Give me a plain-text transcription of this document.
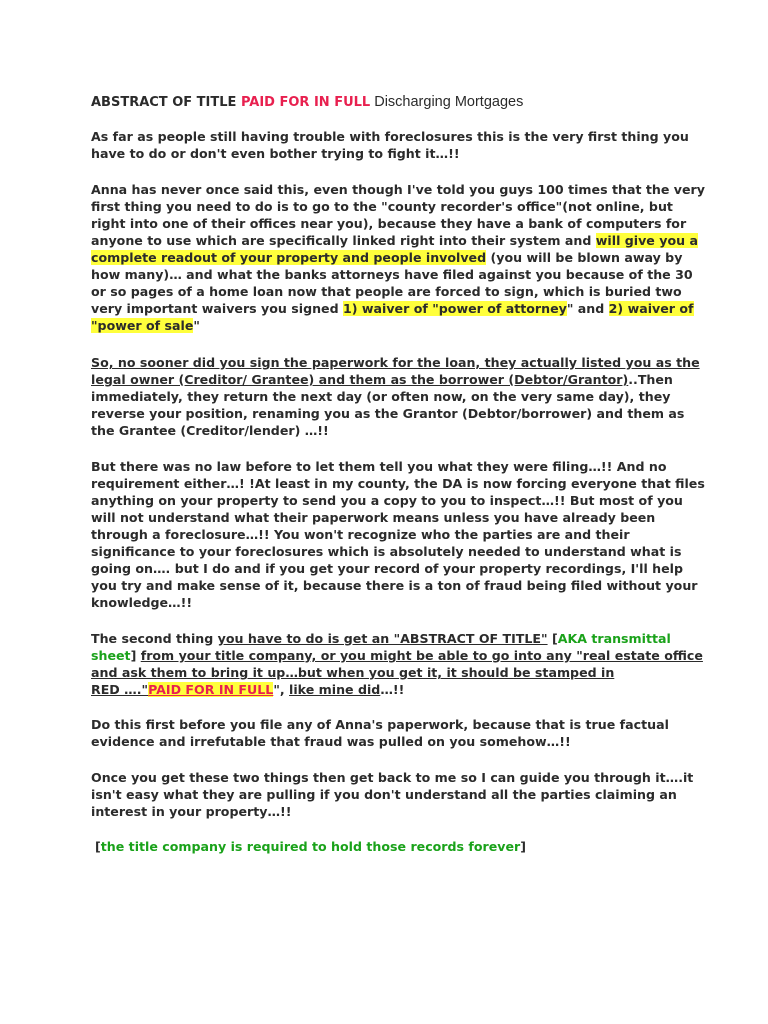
ABSTRACT OF TITLE PAID FOR IN FULL Discharging Mortgages
As far as people still having trouble with foreclosures this is the very first thing you
have to do or don't even bother trying to fight it…!!
Anna has never once said this, even though I've told you guys 100 times that the very
first thing you need to do is to go to the "county recorder's office"(not online, but
right into one of their offices near you), because they have a bank of computers for
anyone to use which are specifically linked right into their system and will give you a
complete readout of your property and people involved (you will be blown away by
how many)… and what the banks attorneys have filed against you because of the 30
or so pages of a home loan now that people are forced to sign, which is buried two
very important waivers you signed 1) waiver of "power of attorney" and 2) waiver of
"power of sale"
So, no sooner did you sign the paperwork for the loan, they actually listed you as the
legal owner (Creditor/ Grantee) and them as the borrower (Debtor/Grantor)..Then
immediately, they return the next day (or often now, on the very same day), they
reverse your position, renaming you as the Grantor (Debtor/borrower) and them as
the Grantee (Creditor/lender) …!!
But there was no law before to let them tell you what they were filing…!! And no
requirement either…! !At least in my county, the DA is now forcing everyone that files
anything on your property to send you a copy to you to inspect…!! But most of you
will not understand what their paperwork means unless you have already been
through a foreclosure…!! You won't recognize who the parties are and their
significance to your foreclosures which is absolutely needed to understand what is
going on…. but I do and if you get your record of your property recordings, I'll help
you try and make sense of it, because there is a ton of fraud being filed without your
knowledge…!!
The second thing you have to do is get an "ABSTRACT OF TITLE" [AKA transmittal
sheet] from your title company, or you might be able to go into any "real estate office
and ask them to bring it up…but when you get it, it should be stamped in
RED …."PAID FOR IN FULL", like mine did…!!
Do this first before you file any of Anna's paperwork, because that is true factual
evidence and irrefutable that fraud was pulled on you somehow…!!
Once you get these two things then get back to me so I can guide you through it….it
isn't easy what they are pulling if you don't understand all the parties claiming an
interest in your property…!!
[the title company is required to hold those records forever]
